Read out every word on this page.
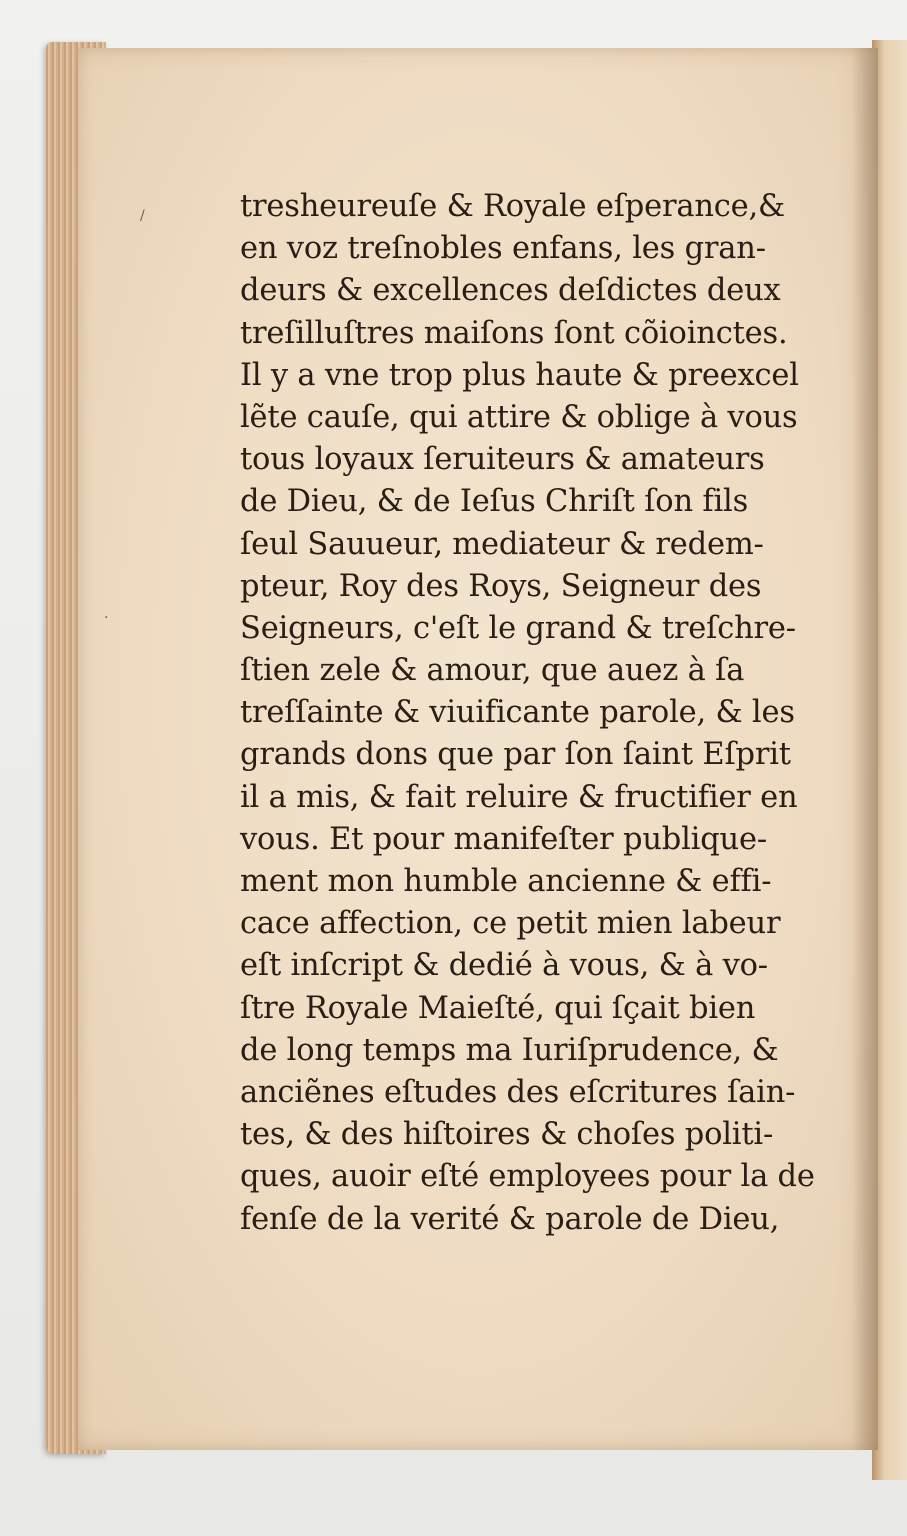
/
·
tresheureuſe & Royale eſperance,&
en voz treſnobles enfans, les gran-
deurs & excellences deſdictes deux
treſilluſtres maiſons ſont cõioinctes.
Il y a vne trop plus haute & preexcel
lẽte cauſe, qui attire & oblige à vous
tous loyaux ſeruiteurs & amateurs
de Dieu, & de Ieſus Chriſt ſon fils
ſeul Sauueur, mediateur & redem-
pteur, Roy des Roys, Seigneur des
Seigneurs, c'eſt le grand & treſchre-
ſtien zele & amour, que auez à ſa
treſſainte & viuificante parole, & les
grands dons que par ſon ſaint Eſprit
il a mis, & fait reluire & fructifier en
vous. Et pour manifeſter publique-
ment mon humble ancienne & effi-
cace affection, ce petit mien labeur
eſt inſcript & dedié à vous, & à vo-
ſtre Royale Maieſté, qui ſçait bien
de long temps ma Iuriſprudence, &
anciẽnes eſtudes des eſcritures ſain-
tes, & des hiſtoires & choſes politi-
ques, auoir eſté employees pour la de
fenſe de la verité & parole de Dieu,
